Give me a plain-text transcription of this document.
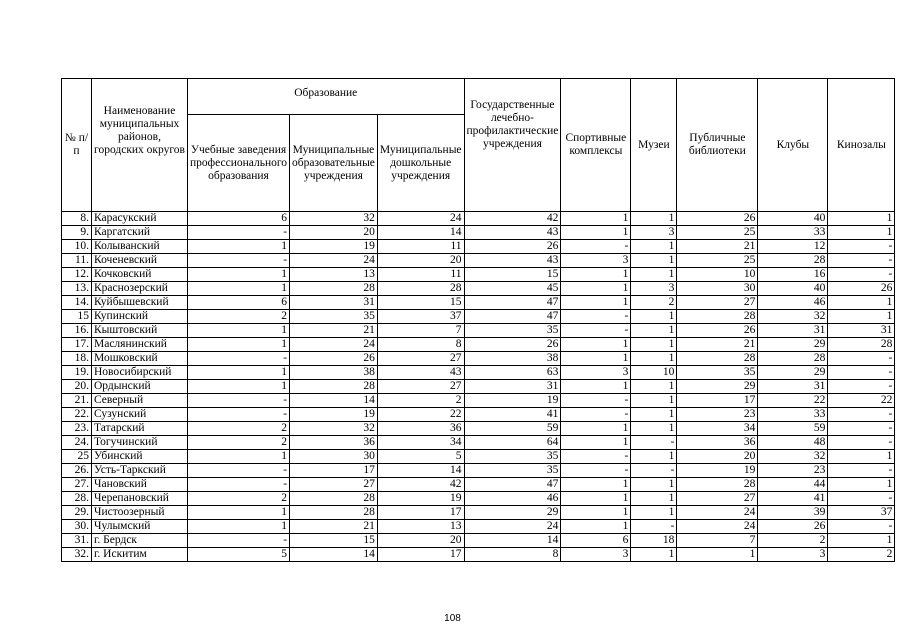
№ п/п	Наименование муниципальных районов, городских округов	Образование			Государственные лечебно-профилактические учреждения	Спортивные комплексы	Музеи	Публичные библиотеки	Клубы	Кинозалы
		Учебные заведения профессионального образования	Муниципальные образовательные учреждения	Муниципальные дошкольные учреждения						
8.	Карасукский	6	32	24	42	1	1	26	40	1
9.	Каргатский	-	20	14	43	1	3	25	33	1
10.	Колыванский	1	19	11	26	-	1	21	12	-
11.	Коченевский	-	24	20	43	3	1	25	28	-
12.	Кочковский	1	13	11	15	1	1	10	16	-
13.	Краснозерский	1	28	28	45	1	3	30	40	26
14.	Куйбышевский	6	31	15	47	1	2	27	46	1
15	Купинский	2	35	37	47	-	1	28	32	1
16.	Кыштовский	1	21	7	35	-	1	26	31	31
17.	Маслянинский	1	24	8	26	1	1	21	29	28
18.	Мошковский	-	26	27	38	1	1	28	28	-
19.	Новосибирский	1	38	43	63	3	10	35	29	-
20.	Ордынский	1	28	27	31	1	1	29	31	-
21.	Северный	-	14	2	19	-	1	17	22	22
22.	Сузунский	-	19	22	41	-	1	23	33	-
23.	Татарский	2	32	36	59	1	1	34	59	-
24.	Тогучинский	2	36	34	64	1	-	36	48	-
25	Убинский	1	30	5	35	-	1	20	32	1
26.	Усть-Таркский	-	17	14	35	-	-	19	23	-
27.	Чановский	-	27	42	47	1	1	28	44	1
28.	Черепановский	2	28	19	46	1	1	27	41	-
29.	Чистоозерный	1	28	17	29	1	1	24	39	37
30.	Чулымский	1	21	13	24	1	-	24	26	-
31.	г. Бердск	-	15	20	14	6	18	7	2	1
32.	г. Искитим	5	14	17	8	3	1	1	3	2
108
